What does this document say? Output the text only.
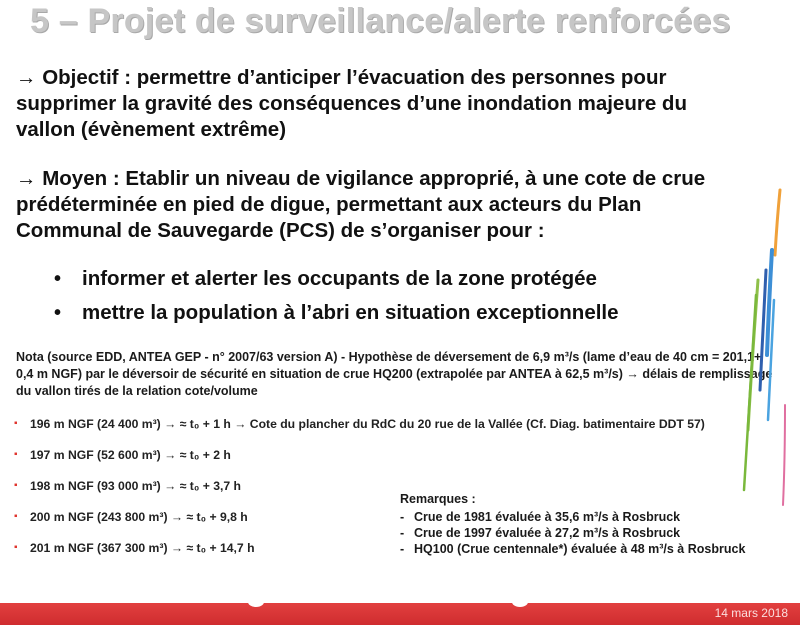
5 – Projet de surveillance/alerte renforcées
→ Objectif : permettre d’anticiper l’évacuation des personnes pour supprimer la gravité des conséquences d’une inondation majeure du vallon (évènement extrême)
→ Moyen : Etablir un niveau de vigilance approprié, à une cote de crue prédéterminée en pied de digue, permettant aux acteurs du Plan Communal de Sauvegarde (PCS) de s’organiser pour :
• informer et alerter les occupants de la zone protégée
• mettre la population à l’abri en situation exceptionnelle
Nota (source EDD, ANTEA GEP - n° 2007/63 version A) - Hypothèse de déversement de 6,9 m³/s (lame d’eau de 40 cm = 201,1+ 0,4 m NGF) par le déversoir de sécurité en situation de crue HQ200 (extrapolée par ANTEA à 62,5 m³/s) → délais de remplissage du vallon tirés de la relation cote/volume
▪ 196 m NGF (24 400 m³) → ≈ t₀ + 1 h → Cote du plancher du RdC du 20 rue de la Vallée (Cf. Diag. batimentaire DDT 57)
▪ 197 m NGF (52 600 m³) → ≈ t₀ + 2 h
▪ 198 m NGF (93 000 m³) → ≈ t₀ + 3,7 h
▪ 200 m NGF (243 800 m³) → ≈ t₀ + 9,8 h
▪ 201 m NGF (367 300 m³) → ≈ t₀ + 14,7 h
Remarques :
- Crue de 1981 évaluée à 35,6 m³/s à Rosbruck
- Crue de 1997 évaluée à 27,2 m³/s à Rosbruck
- HQ100 (Crue centennale*) évaluée à 48 m³/s à Rosbruck
14 mars 2018
